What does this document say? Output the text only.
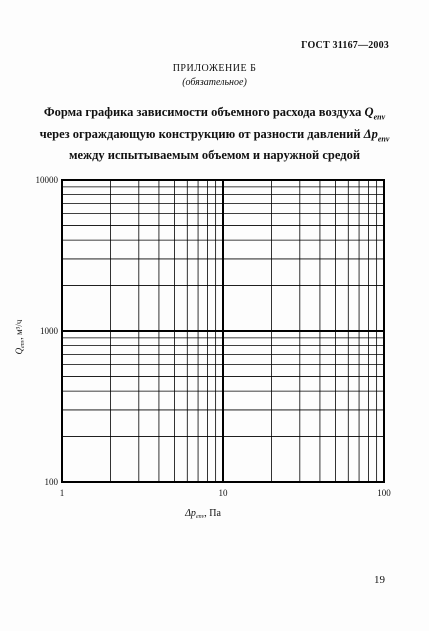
ГОСТ 31167—2003
ПРИЛОЖЕНИЕ Б
(обязательное)
Форма графика зависимости объемного расхода воздуха $Q_{env}$
через ограждающую конструкцию от разности давлений $\Delta p_{env}$
между испытываемым объемом и наружной средой
100
1000
10000
1	10	100
$Q_{env}$, м³/ч
$\Delta p_{env}$, Па
19
